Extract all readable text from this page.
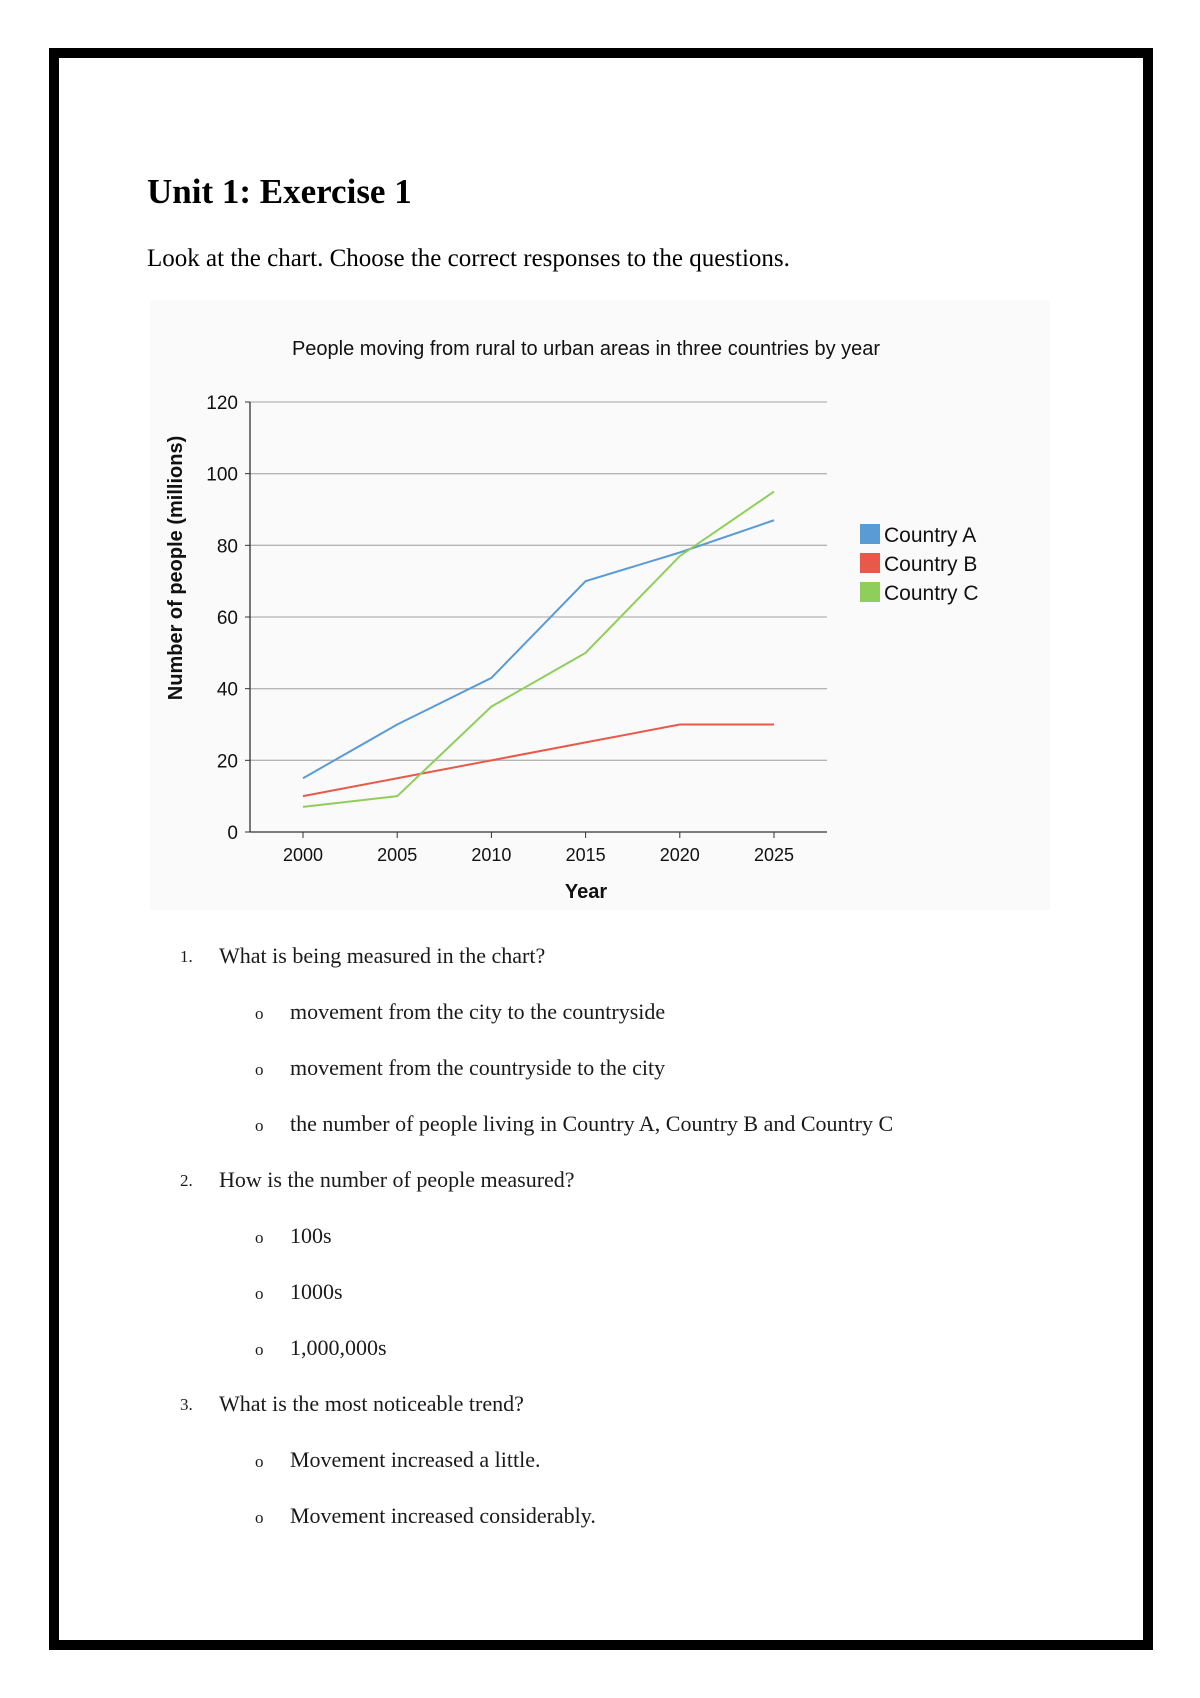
Unit 1: Exercise 1

Look at the chart. Choose the correct responses to the questions.

People moving from rural to urban areas in three countries by year
0
20
40
60
80
100
120
2000	2005	2010	2015	2020	2025
Country A
Country B
Country C
Year
Number of people (millions)
1. What is being measured in the chart?
o movement from the city to the countryside
o movement from the countryside to the city
o the number of people living in Country A, Country B and Country C
2. How is the number of people measured?
o 100s
o 1000s
o 1,000,000s
3. What is the most noticeable trend?
o Movement increased a little.
o Movement increased considerably.
